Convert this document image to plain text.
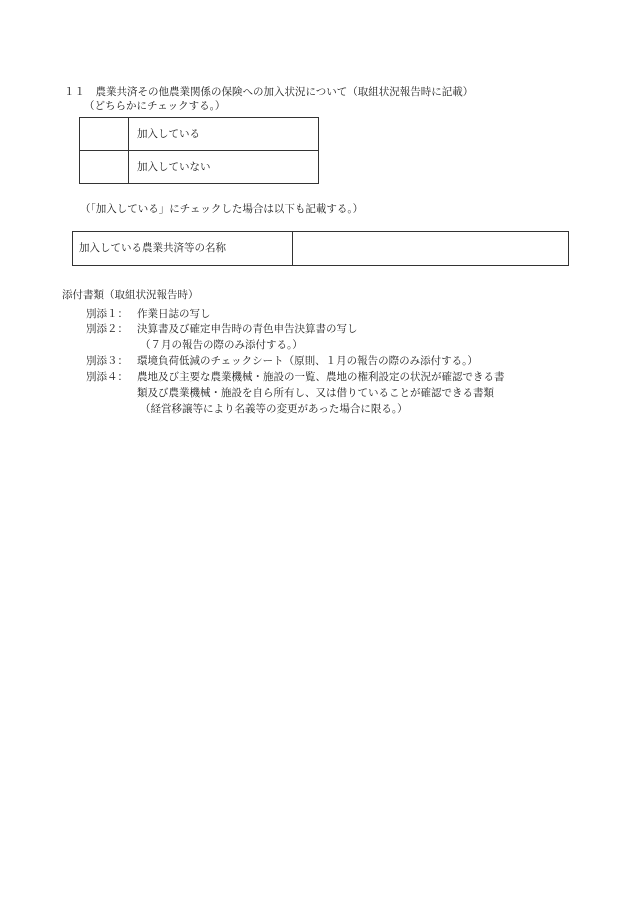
１１　農業共済その他農業関係の保険への加入状況について（取組状況報告時に記載）
（どちらかにチェックする。）
	加入している
	加入していない
（「加入している」にチェックした場合は以下も記載する。）
加入している農業共済等の名称	
添付書類（取組状況報告時）
別添１： 作業日誌の写し
別添２： 決算書及び確定申告時の青色申告決算書の写し
（７月の報告の際のみ添付する。）
別添３： 環境負荷低減のチェックシート（原則、１月の報告の際のみ添付する。）
別添４： 農地及び主要な農業機械・施設の一覧、農地の権利設定の状況が確認できる書
類及び農業機械・施設を自ら所有し、又は借りていることが確認できる書類
（経営移譲等により名義等の変更があった場合に限る。）
